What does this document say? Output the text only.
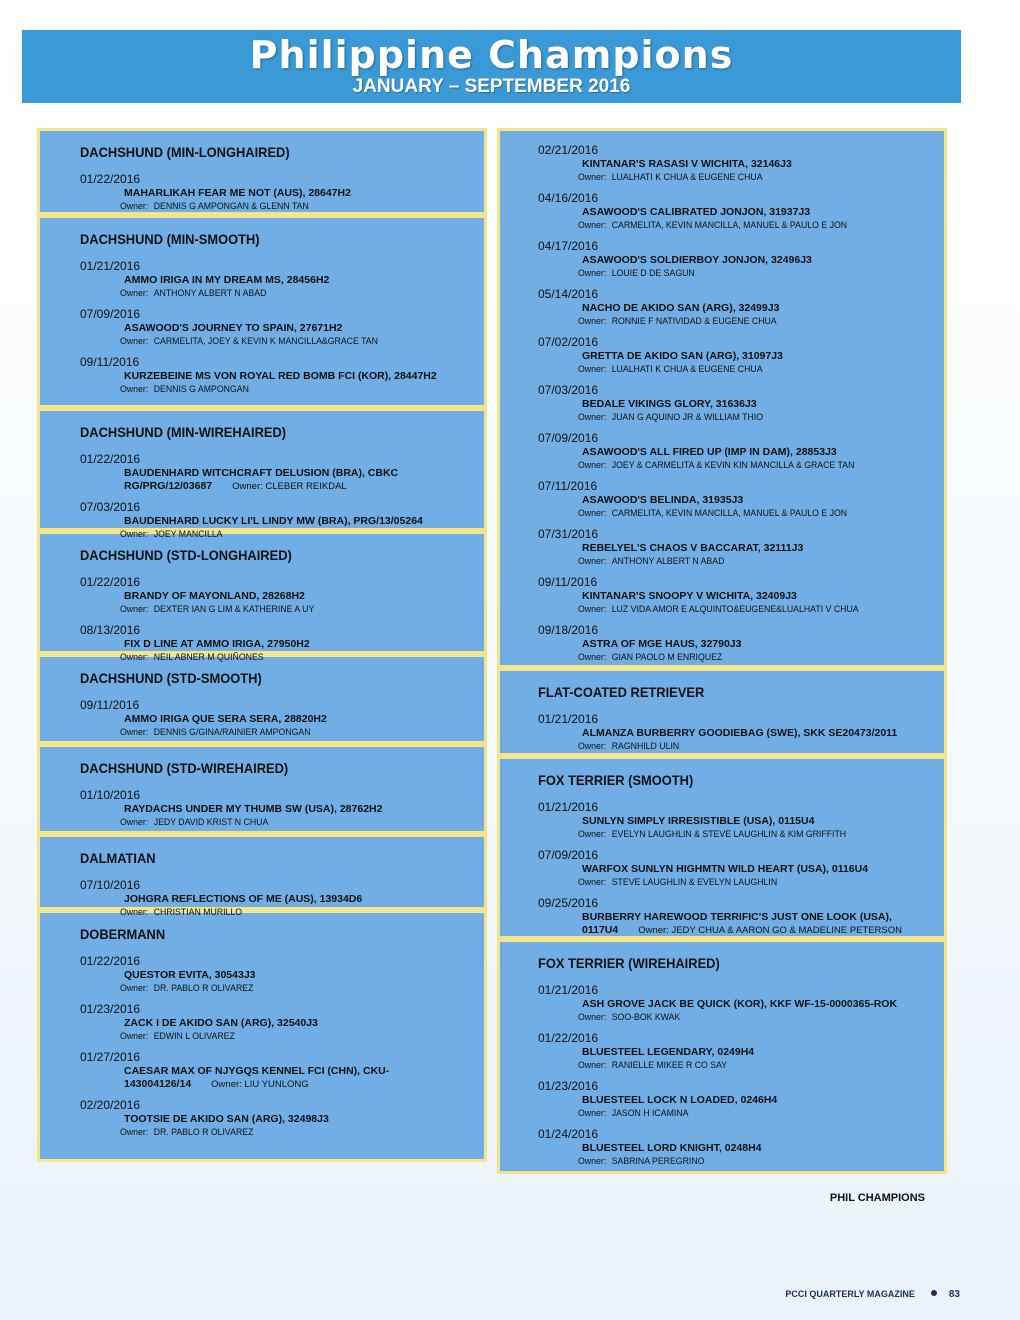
Philippine Champions
JANUARY – SEPTEMBER 2016
DACHSHUND (MIN-LONGHAIRED)
01/22/2016
MAHARLIKAH FEAR ME NOT (AUS), 28647H2
Owner: DENNIS G AMPONGAN & GLENN TAN
DACHSHUND (MIN-SMOOTH)
01/21/2016
AMMO IRIGA IN MY DREAM MS, 28456H2
Owner: ANTHONY ALBERT N ABAD
07/09/2016
ASAWOOD'S JOURNEY TO SPAIN, 27671H2
Owner: CARMELITA, JOEY & KEVIN K MANCILLA&GRACE TAN
09/11/2016
KURZEBEINE MS VON ROYAL RED BOMB FCI (KOR), 28447H2
Owner: DENNIS G AMPONGAN
DACHSHUND (MIN-WIREHAIRED)
01/22/2016
BAUDENHARD WITCHCRAFT DELUSION (BRA), CBKC
RG/PRG/12/03687 Owner: CLEBER REIKDAL
07/03/2016
BAUDENHARD LUCKY LI'L LINDY MW (BRA), PRG/13/05264
Owner: JOEY MANCILLA
DACHSHUND (STD-LONGHAIRED)
01/22/2016
BRANDY OF MAYONLAND, 28268H2
Owner: DEXTER IAN G LIM & KATHERINE A UY
08/13/2016
FIX D LINE AT AMMO IRIGA, 27950H2
Owner: NEIL ABNER M QUIÑONES
DACHSHUND (STD-SMOOTH)
09/11/2016
AMMO IRIGA QUE SERA SERA, 28820H2
Owner: DENNIS G/GINA/RAINIER AMPONGAN
DACHSHUND (STD-WIREHAIRED)
01/10/2016
RAYDACHS UNDER MY THUMB SW (USA), 28762H2
Owner: JEDY DAVID KRIST N CHUA
DALMATIAN
07/10/2016
JOHGRA REFLECTIONS OF ME (AUS), 13934D6
Owner: CHRISTIAN MURILLO
DOBERMANN
01/22/2016
QUESTOR EVITA, 30543J3
Owner: DR. PABLO R OLIVAREZ
01/23/2016
ZACK I DE AKIDO SAN (ARG), 32540J3
Owner: EDWIN L OLIVAREZ
01/27/2016
CAESAR MAX OF NJYGQS KENNEL FCI (CHN), CKU-
143004126/14 Owner: LIU YUNLONG
02/20/2016
TOOTSIE DE AKIDO SAN (ARG), 32498J3
Owner: DR. PABLO R OLIVAREZ
02/21/2016
KINTANAR'S RASASI V WICHITA, 32146J3
Owner: LUALHATI K CHUA & EUGENE CHUA
04/16/2016
ASAWOOD'S CALIBRATED JONJON, 31937J3
Owner: CARMELITA, KEVIN MANCILLA, MANUEL & PAULO E JON
04/17/2016
ASAWOOD'S SOLDIERBOY JONJON, 32496J3
Owner: LOUIE D DE SAGUN
05/14/2016
NACHO DE AKIDO SAN (ARG), 32499J3
Owner: RONNIE F NATIVIDAD & EUGENE CHUA
07/02/2016
GRETTA DE AKIDO SAN (ARG), 31097J3
Owner: LUALHATI K CHUA & EUGENE CHUA
07/03/2016
BEDALE VIKINGS GLORY, 31636J3
Owner: JUAN G AQUINO JR & WILLIAM THIO
07/09/2016
ASAWOOD'S ALL FIRED UP (IMP IN DAM), 28853J3
Owner: JOEY & CARMELITA & KEVIN KIN MANCILLA & GRACE TAN
07/11/2016
ASAWOOD'S BELINDA, 31935J3
Owner: CARMELITA, KEVIN MANCILLA, MANUEL & PAULO E JON
07/31/2016
REBELYEL'S CHAOS V BACCARAT, 32111J3
Owner: ANTHONY ALBERT N ABAD
09/11/2016
KINTANAR'S SNOOPY V WICHITA, 32409J3
Owner: LUZ VIDA AMOR E ALQUINTO&EUGENE&LUALHATI V CHUA
09/18/2016
ASTRA OF MGE HAUS, 32790J3
Owner: GIAN PAOLO M ENRIQUEZ
FLAT-COATED RETRIEVER
01/21/2016
ALMANZA BURBERRY GOODIEBAG (SWE), SKK SE20473/2011
Owner: RAGNHILD ULIN
FOX TERRIER (SMOOTH)
01/21/2016
SUNLYN SIMPLY IRRESISTIBLE (USA), 0115U4
Owner: EVELYN LAUGHLIN & STEVE LAUGHLIN & KIM GRIFFITH
07/09/2016
WARFOX SUNLYN HIGHMTN WILD HEART (USA), 0116U4
Owner: STEVE LAUGHLIN & EVELYN LAUGHLIN
09/25/2016
BURBERRY HAREWOOD TERRIFIC'S JUST ONE LOOK (USA),
0117U4 Owner: JEDY CHUA & AARON GO & MADELINE PETERSON
FOX TERRIER (WIREHAIRED)
01/21/2016
ASH GROVE JACK BE QUICK (KOR), KKF WF-15-0000365-ROK
Owner: SOO-BOK KWAK
01/22/2016
BLUESTEEL LEGENDARY, 0249H4
Owner: RANIELLE MIKEE R CO SAY
01/23/2016
BLUESTEEL LOCK N LOADED, 0246H4
Owner: JASON H ICAMINA
01/24/2016
BLUESTEEL LORD KNIGHT, 0248H4
Owner: SABRINA PEREGRINO
PHIL CHAMPIONS
PCCI QUARTERLY MAGAZINE	83
